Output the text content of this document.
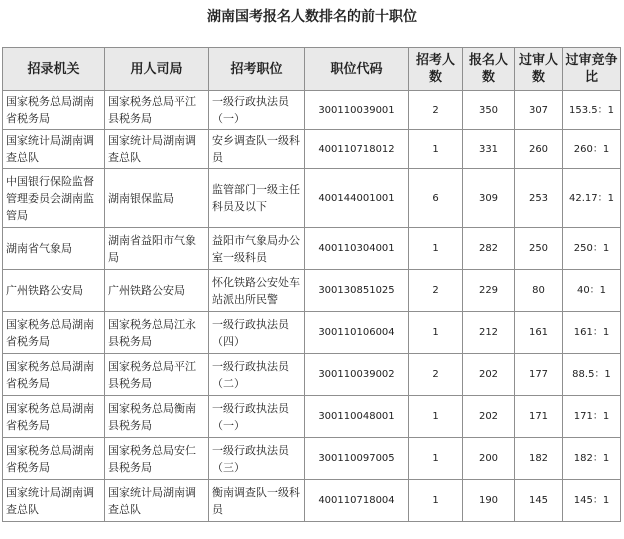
湖南国考报名人数排名的前十职位
招录机关	用人司局	招考职位	职位代码	招考人数	报名人数	过审人数	过审竞争比

国家税务总局湖南省税务局	国家税务总局平江县税务局	一级行政执法员（一）	300110039001	2	350	307	153.5：1
国家统计局湖南调查总队	国家统计局湖南调查总队	安乡调查队一级科员	400110718012	1	331	260	260：1
中国银行保险监督管理委员会湖南监管局	湖南银保监局	监管部门一级主任科员及以下	400144001001	6	309	253	42.17：1
湖南省气象局	湖南省益阳市气象局	益阳市气象局办公室一级科员	400110304001	1	282	250	250：1
广州铁路公安局	广州铁路公安局	怀化铁路公安处车站派出所民警	300130851025	2	229	80	40：1
国家税务总局湖南省税务局	国家税务总局江永县税务局	一级行政执法员（四）	300110106004	1	212	161	161：1
国家税务总局湖南省税务局	国家税务总局平江县税务局	一级行政执法员（二）	300110039002	2	202	177	88.5：1
国家税务总局湖南省税务局	国家税务总局衡南县税务局	一级行政执法员（一）	300110048001	1	202	171	171：1
国家税务总局湖南省税务局	国家税务总局安仁县税务局	一级行政执法员（三）	300110097005	1	200	182	182：1
国家统计局湖南调查总队	国家统计局湖南调查总队	衡南调查队一级科员	400110718004	1	190	145	145：1
